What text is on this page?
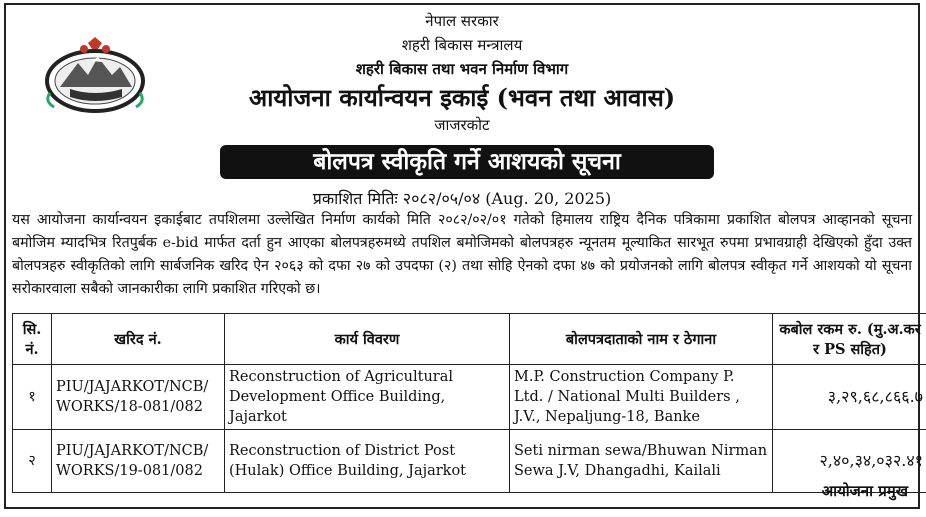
नेपाल सरकार
शहरी बिकास मन्त्रालय
शहरी बिकास तथा भवन निर्माण विभाग
आयोजना कार्यान्वयन इकाई (भवन तथा आवास)
जाजरकोट
बोलपत्र स्वीकृति गर्ने आशयको सूचना
प्रकाशित मितिः २०८२/०५/०४ (Aug. 20, 2025)
यस आयोजना कार्यान्वयन इकाईबाट तपशिलमा उल्लेखित निर्माण कार्यको मिति २०८२/०२/०१ गतेको हिमालय राष्ट्रिय दैनिक पत्रिकामा प्रकाशित बोलपत्र आव्हानको सूचना बमोजिम म्यादभित्र रितपुर्बक e-bid मार्फत दर्ता हुन आएका बोलपत्रहरुमध्ये तपशिल बमोजिमको बोलपत्रहरु न्यूनतम मूल्याकित सारभूत रुपमा प्रभावग्राही देखिएको हुँदा उक्त बोलपत्रहरु स्वीकृतिको लागि सार्बजनिक खरिद ऐन २०६३ को दफा २७ को उपदफा (२) तथा सोहि ऐनको दफा ४७ को प्रयोजनको लागि बोलपत्र स्वीकृत गर्ने आशयको यो सूचना सरोकारवाला सबैको जानकारीका लागि प्रकाशित गरिएको छ।
सि. नं.	खरिद नं.	कार्य विवरण	बोलपत्रदाताको नाम र ठेगाना	कबोल रकम रु. (मु.अ.कर र PS सहित)
१	PIU/JAJARKOT/NCB/ WORKS/18-081/082	Reconstruction of Agricultural Development Office Building, Jajarkot	M.P. Construction Company P. Ltd. / National Multi Builders , J.V., Nepaljung-18, Banke	३,२९,६८,८६६.७
२	PIU/JAJARKOT/NCB/ WORKS/19-081/082	Reconstruction of District Post (Hulak) Office Building, Jajarkot	Seti nirman sewa/Bhuwan Nirman Sewa J.V, Dhangadhi, Kailali	२,४०,३४,०३२.४१
आयोजना प्रमुख
